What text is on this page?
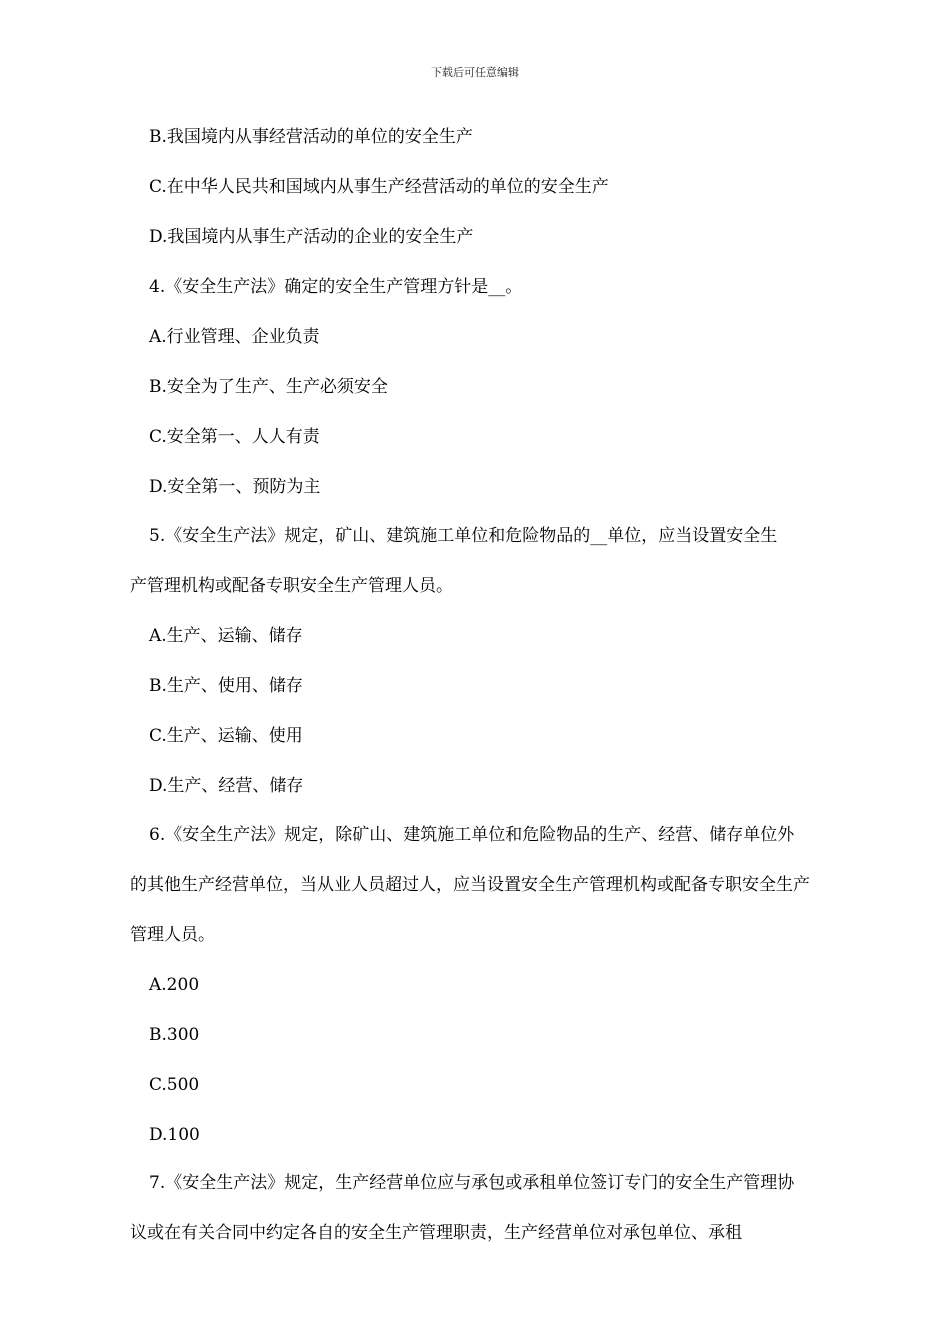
下载后可任意编辑
B.我国境内从事经营活动的单位的安全生产
C.在中华人民共和国域内从事生产经营活动的单位的安全生产
D.我国境内从事生产活动的企业的安全生产
4.《安全生产法》确定的安全生产管理方针是__。
A.行业管理、企业负责
B.安全为了生产、生产必须安全
C.安全第一、人人有责
D.安全第一、预防为主
5.《安全生产法》规定，矿山、建筑施工单位和危险物品的__单位，应当设置安全生
产管理机构或配备专职安全生产管理人员。
A.生产、运输、储存
B.生产、使用、储存
C.生产、运输、使用
D.生产、经营、储存
6.《安全生产法》规定，除矿山、建筑施工单位和危险物品的生产、经营、储存单位外
的其他生产经营单位，当从业人员超过人，应当设置安全生产管理机构或配备专职安全生产
管理人员。
A.200
B.300
C.500
D.100
7.《安全生产法》规定，生产经营单位应与承包或承租单位签订专门的安全生产管理协
议或在有关合同中约定各自的安全生产管理职责，生产经营单位对承包单位、承租
